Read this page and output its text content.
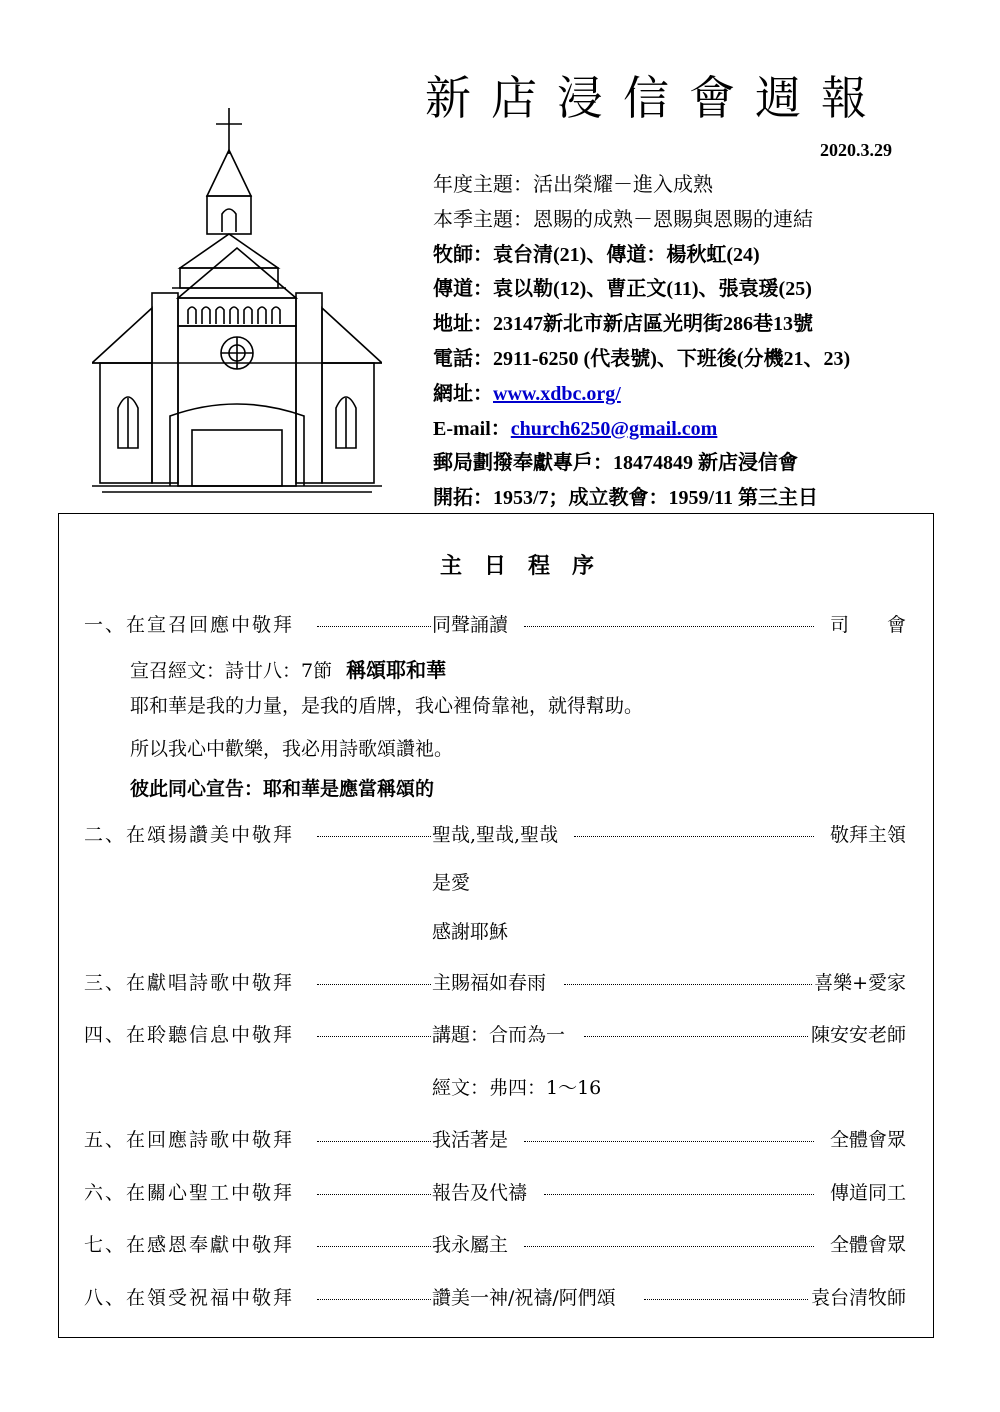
新店浸信會週報
2020.3.29
年度主題：活出榮耀－進入成熟
本季主題：恩賜的成熟－恩賜與恩賜的連結
牧師：袁台清(21)、傳道：楊秋虹(24)
傳道：袁以勒(12)、曹正文(11)、張袁瑗(25)
地址：23147新北市新店區光明街286巷13號
電話：2911-6250 (代表號)、下班後(分機21、23)
網址：www.xdbc.org/
E-mail：church6250@gmail.com
郵局劃撥奉獻專戶：18474849 新店浸信會
開拓：1953/7；成立教會：1959/11 第三主日
主日程序
一、在宣召回應中敬拜	同聲誦讀	司　　會
宣召經文：詩廿八：7節 稱頌耶和華
耶和華是我的力量，是我的盾牌，我心裡倚靠祂，就得幫助。
所以我心中歡樂，我必用詩歌頌讚祂。
彼此同心宣告：耶和華是應當稱頌的
二、在頌揚讚美中敬拜	聖哉,聖哉,聖哉	敬拜主領
是愛
感謝耶穌
三、在獻唱詩歌中敬拜	主賜福如春雨	喜樂+愛家
四、在聆聽信息中敬拜	講題：合而為一	陳安安老師
經文：弗四：1～16
五、在回應詩歌中敬拜	我活著是	全體會眾
六、在關心聖工中敬拜	報告及代禱	傳道同工
七、在感恩奉獻中敬拜	我永屬主	全體會眾
八、在領受祝福中敬拜	讚美一神/祝禱/阿們頌	袁台清牧師
